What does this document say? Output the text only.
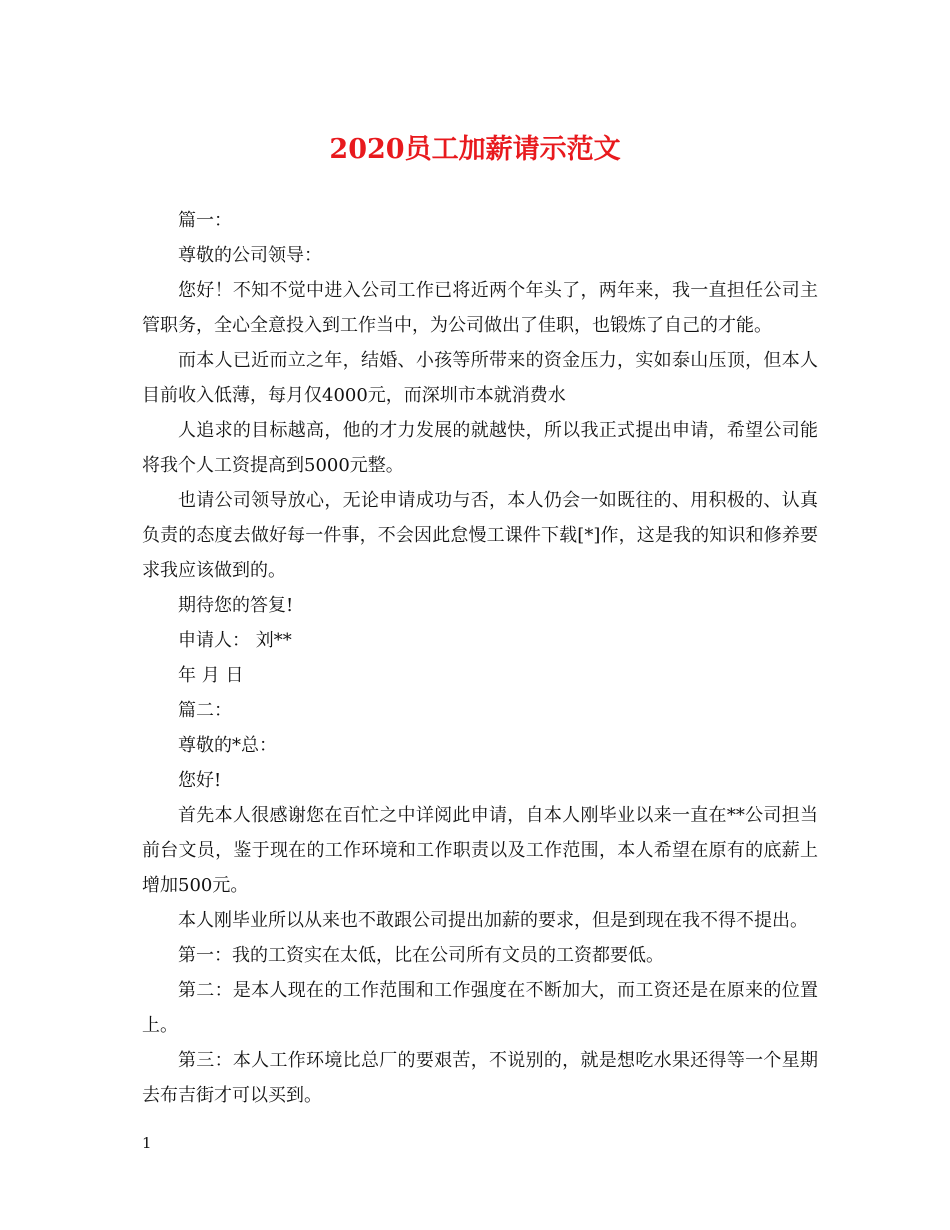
2020员工加薪请示范文

篇一：

尊敬的公司领导：

您好！不知不觉中进入公司工作已将近两个年头了，两年来，我一直担任公司主管职务，全心全意投入到工作当中，为公司做出了佳职，也锻炼了自己的才能。

而本人已近而立之年，结婚、小孩等所带来的资金压力，实如泰山压顶，但本人目前收入低薄，每月仅4000元，而深圳市本就消费水

人追求的目标越高，他的才力发展的就越快，所以我正式提出申请，希望公司能将我个人工资提高到5000元整。

也请公司领导放心，无论申请成功与否，本人仍会一如既往的、用积极的、认真负责的态度去做好每一件事，不会因此怠慢工课件下载[*]作，这是我的知识和修养要求我应该做到的。

期待您的答复!

申请人： 刘**

年 月 日

篇二：

尊敬的*总：

您好!

首先本人很感谢您在百忙之中详阅此申请，自本人刚毕业以来一直在**公司担当前台文员，鉴于现在的工作环境和工作职责以及工作范围，本人希望在原有的底薪上增加500元。

本人刚毕业所以从来也不敢跟公司提出加薪的要求，但是到现在我不得不提出。

第一：我的工资实在太低，比在公司所有文员的工资都要低。

第二：是本人现在的工作范围和工作强度在不断加大，而工资还是在原来的位置上。

第三：本人工作环境比总厂的要艰苦，不说别的，就是想吃水果还得等一个星期去布吉街才可以买到。

1
